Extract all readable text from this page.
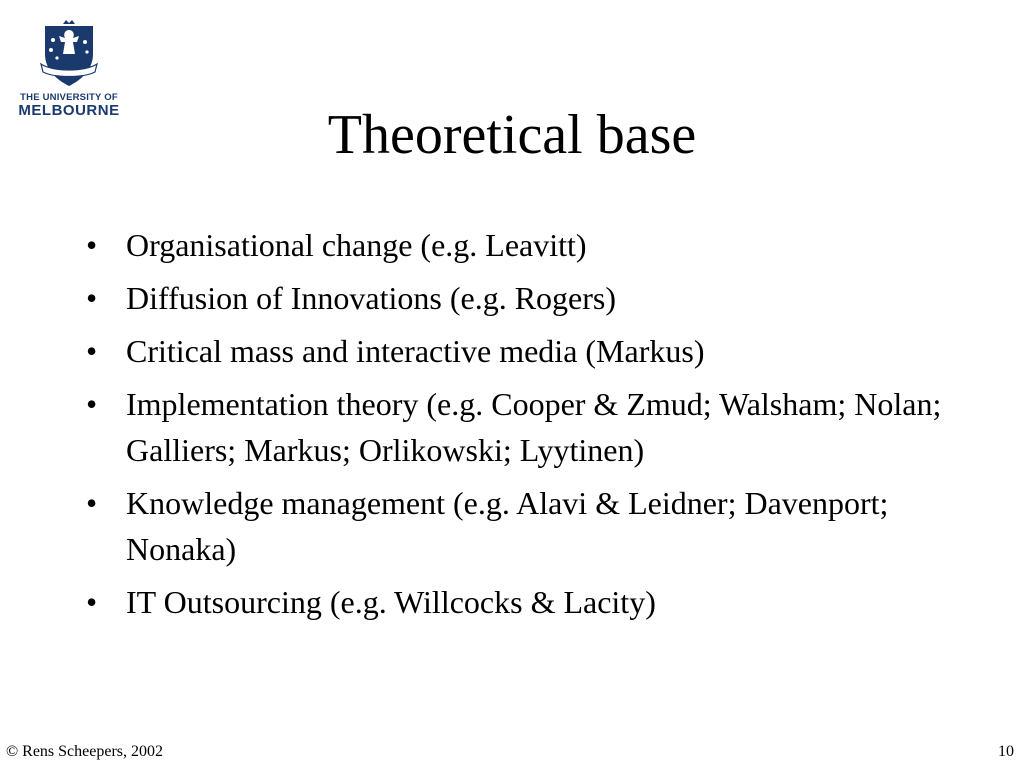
THE UNIVERSITY OF
MELBOURNE	Theoretical base
• Organisational change (e.g. Leavitt)
• Diffusion of Innovations (e.g. Rogers)
• Critical mass and interactive media (Markus)
• Implementation theory (e.g. Cooper & Zmud; Walsham; Nolan; Galliers; Markus; Orlikowski; Lyytinen)
• Knowledge management (e.g. Alavi & Leidner; Davenport; Nonaka)
• IT Outsourcing (e.g. Willcocks & Lacity)
© Rens Scheepers, 2002	10
